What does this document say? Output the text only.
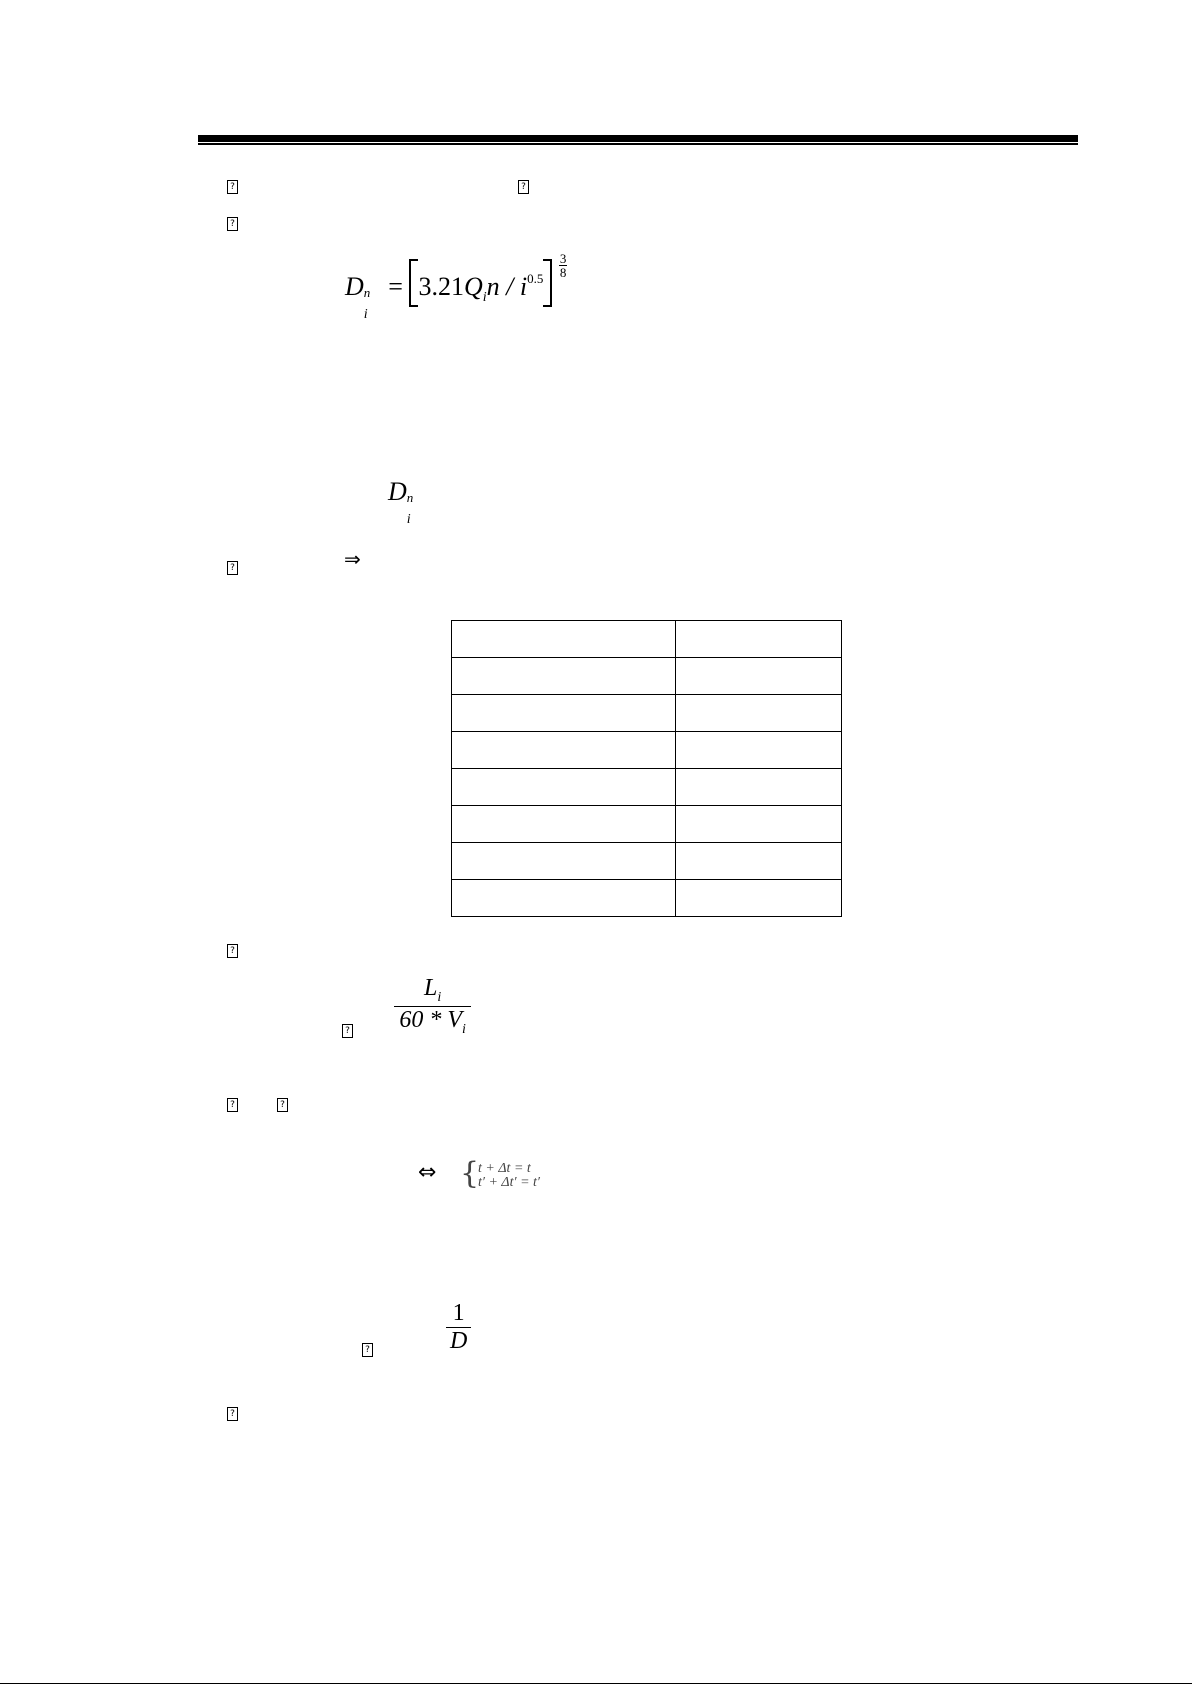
?	?
?
D n
i
= $3.21Q_in / i^{0.5} \frac{3}{8}$
D n
i
?	⇒

?
? $\frac{L_i}{60 * V_i}$
?	?
⇔ {
t + Δt = t
t′ + Δt′ = t′
?	$\frac{1}{D}$
?
